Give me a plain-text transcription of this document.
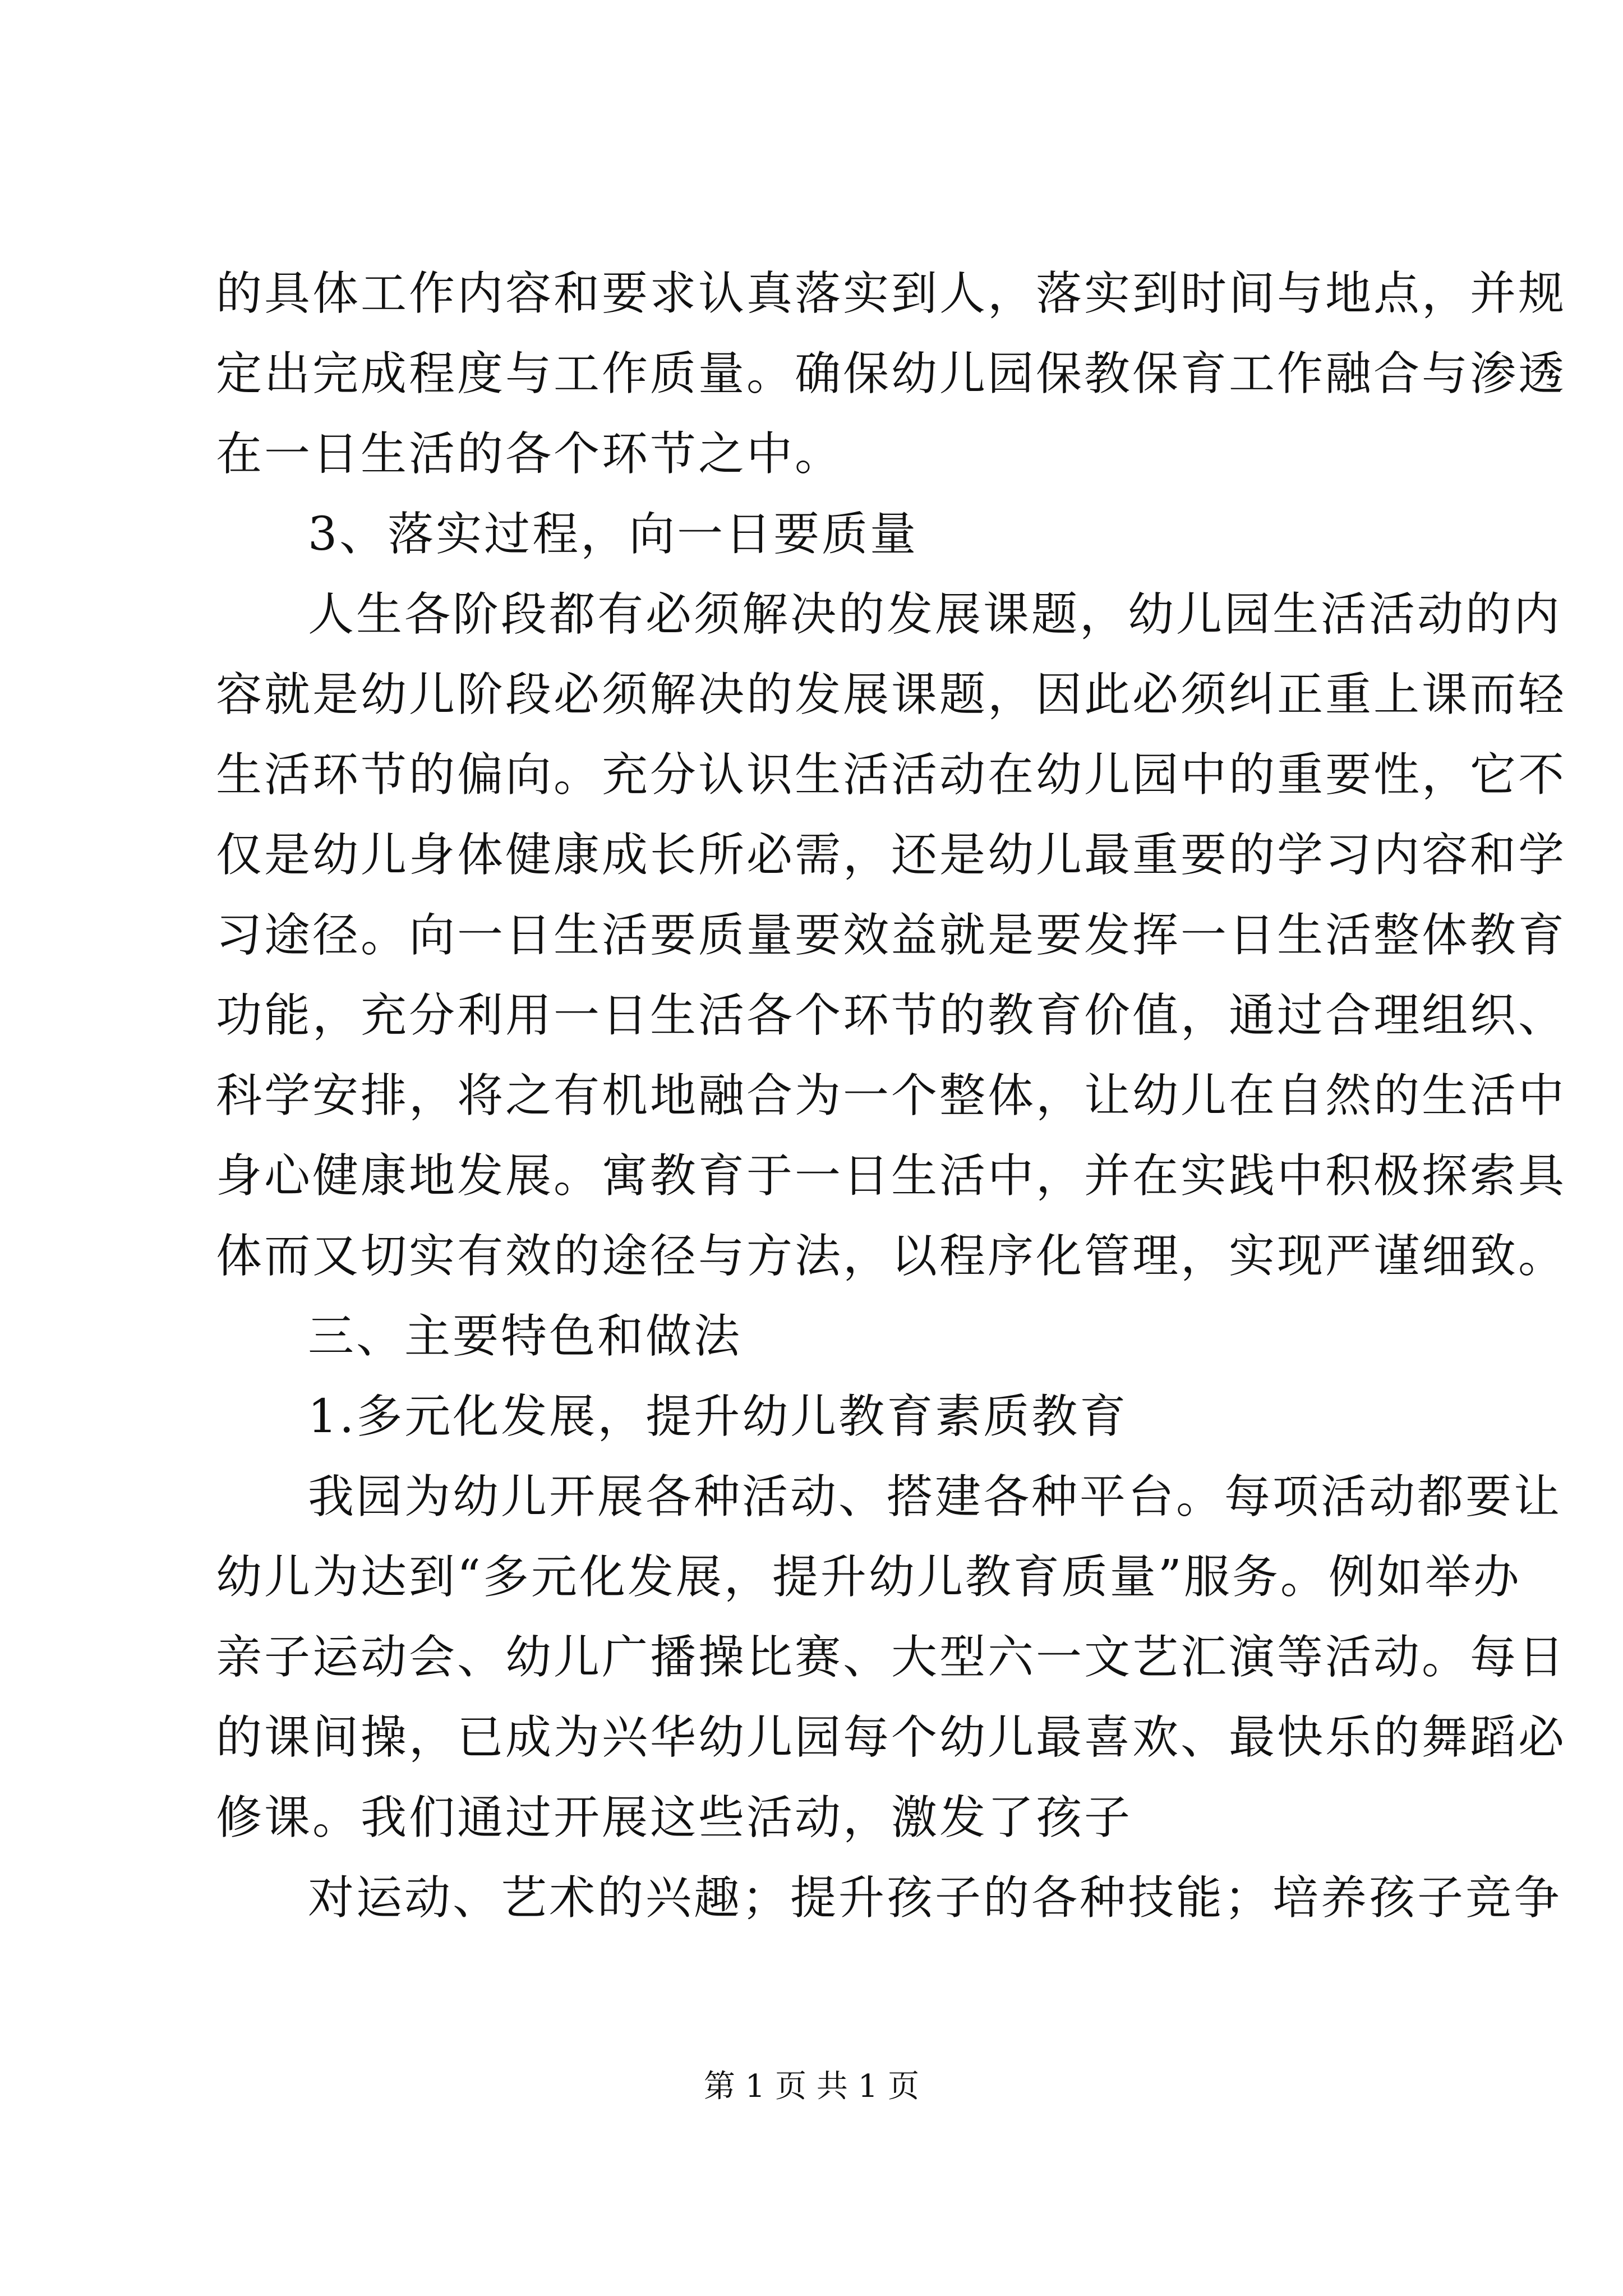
的具体工作内容和要求认真落实到人，落实到时间与地点，并规
定出完成程度与工作质量。确保幼儿园保教保育工作融合与渗透
在一日生活的各个环节之中。
3、落实过程，向一日要质量
人生各阶段都有必须解决的发展课题，幼儿园生活活动的内
容就是幼儿阶段必须解决的发展课题，因此必须纠正重上课而轻
生活环节的偏向。充分认识生活活动在幼儿园中的重要性，它不
仅是幼儿身体健康成长所必需，还是幼儿最重要的学习内容和学
习途径。向一日生活要质量要效益就是要发挥一日生活整体教育
功能，充分利用一日生活各个环节的教育价值，通过合理组织、
科学安排，将之有机地融合为一个整体，让幼儿在自然的生活中
身心健康地发展。寓教育于一日生活中，并在实践中积极探索具
体而又切实有效的途径与方法，以程序化管理，实现严谨细致。
三、主要特色和做法
1.多元化发展，提升幼儿教育素质教育
我园为幼儿开展各种活动、搭建各种平台。每项活动都要让
幼儿为达到“多元化发展，提升幼儿教育质量”服务。例如举办
亲子运动会、幼儿广播操比赛、大型六一文艺汇演等活动。每日
的课间操，已成为兴华幼儿园每个幼儿最喜欢、最快乐的舞蹈必
修课。我们通过开展这些活动，激发了孩子
对运动、艺术的兴趣；提升孩子的各种技能；培养孩子竞争
第 1 页 共 1 页
